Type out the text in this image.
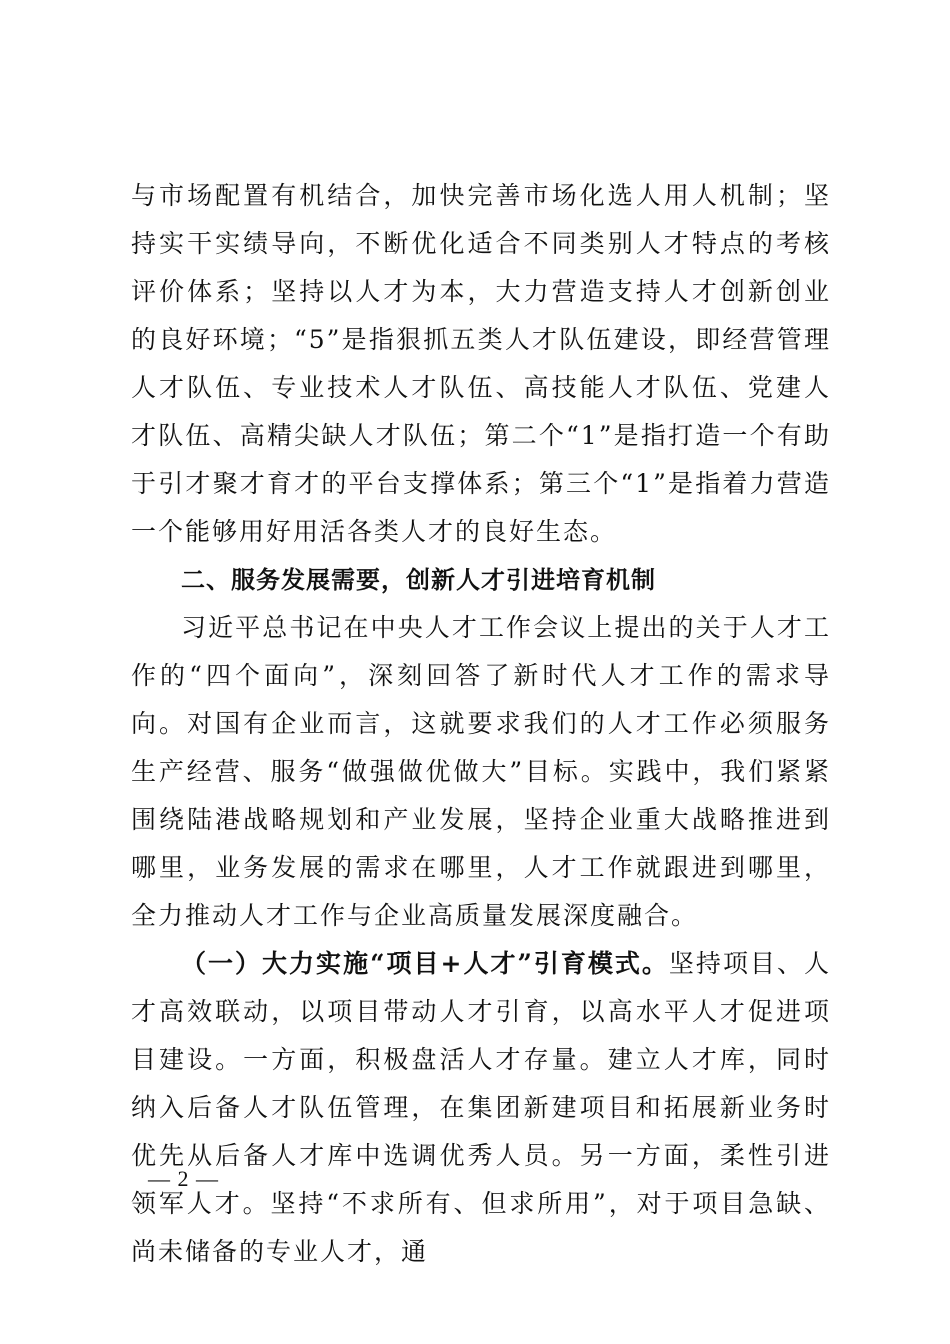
与市场配置有机结合，加快完善市场化选人用人机制；坚持实干实绩导向，不断优化适合不同类别人才特点的考核评价体系；坚持以人才为本，大力营造支持人才创新创业的良好环境；“5”是指狠抓五类人才队伍建设，即经营管理人才队伍、专业技术人才队伍、高技能人才队伍、党建人才队伍、高精尖缺人才队伍；第二个“1”是指打造一个有助于引才聚才育才的平台支撑体系；第三个“1”是指着力营造一个能够用好用活各类人才的良好生态。

二、服务发展需要，创新人才引进培育机制

习近平总书记在中央人才工作会议上提出的关于人才工作的“四个面向”，深刻回答了新时代人才工作的需求导向。对国有企业而言，这就要求我们的人才工作必须服务生产经营、服务“做强做优做大”目标。实践中，我们紧紧围绕陆港战略规划和产业发展，坚持企业重大战略推进到哪里，业务发展的需求在哪里，人才工作就跟进到哪里，全力推动人才工作与企业高质量发展深度融合。

（一）大力实施“项目+人才”引育模式。坚持项目、人才高效联动，以项目带动人才引育，以高水平人才促进项目建设。一方面，积极盘活人才存量。建立人才库，同时纳入后备人才队伍管理，在集团新建项目和拓展新业务时优先从后备人才库中选调优秀人员。另一方面，柔性引进领军人才。坚持“不求所有、但求所用”，对于项目急缺、尚未储备的专业人才，通

— 2 —
